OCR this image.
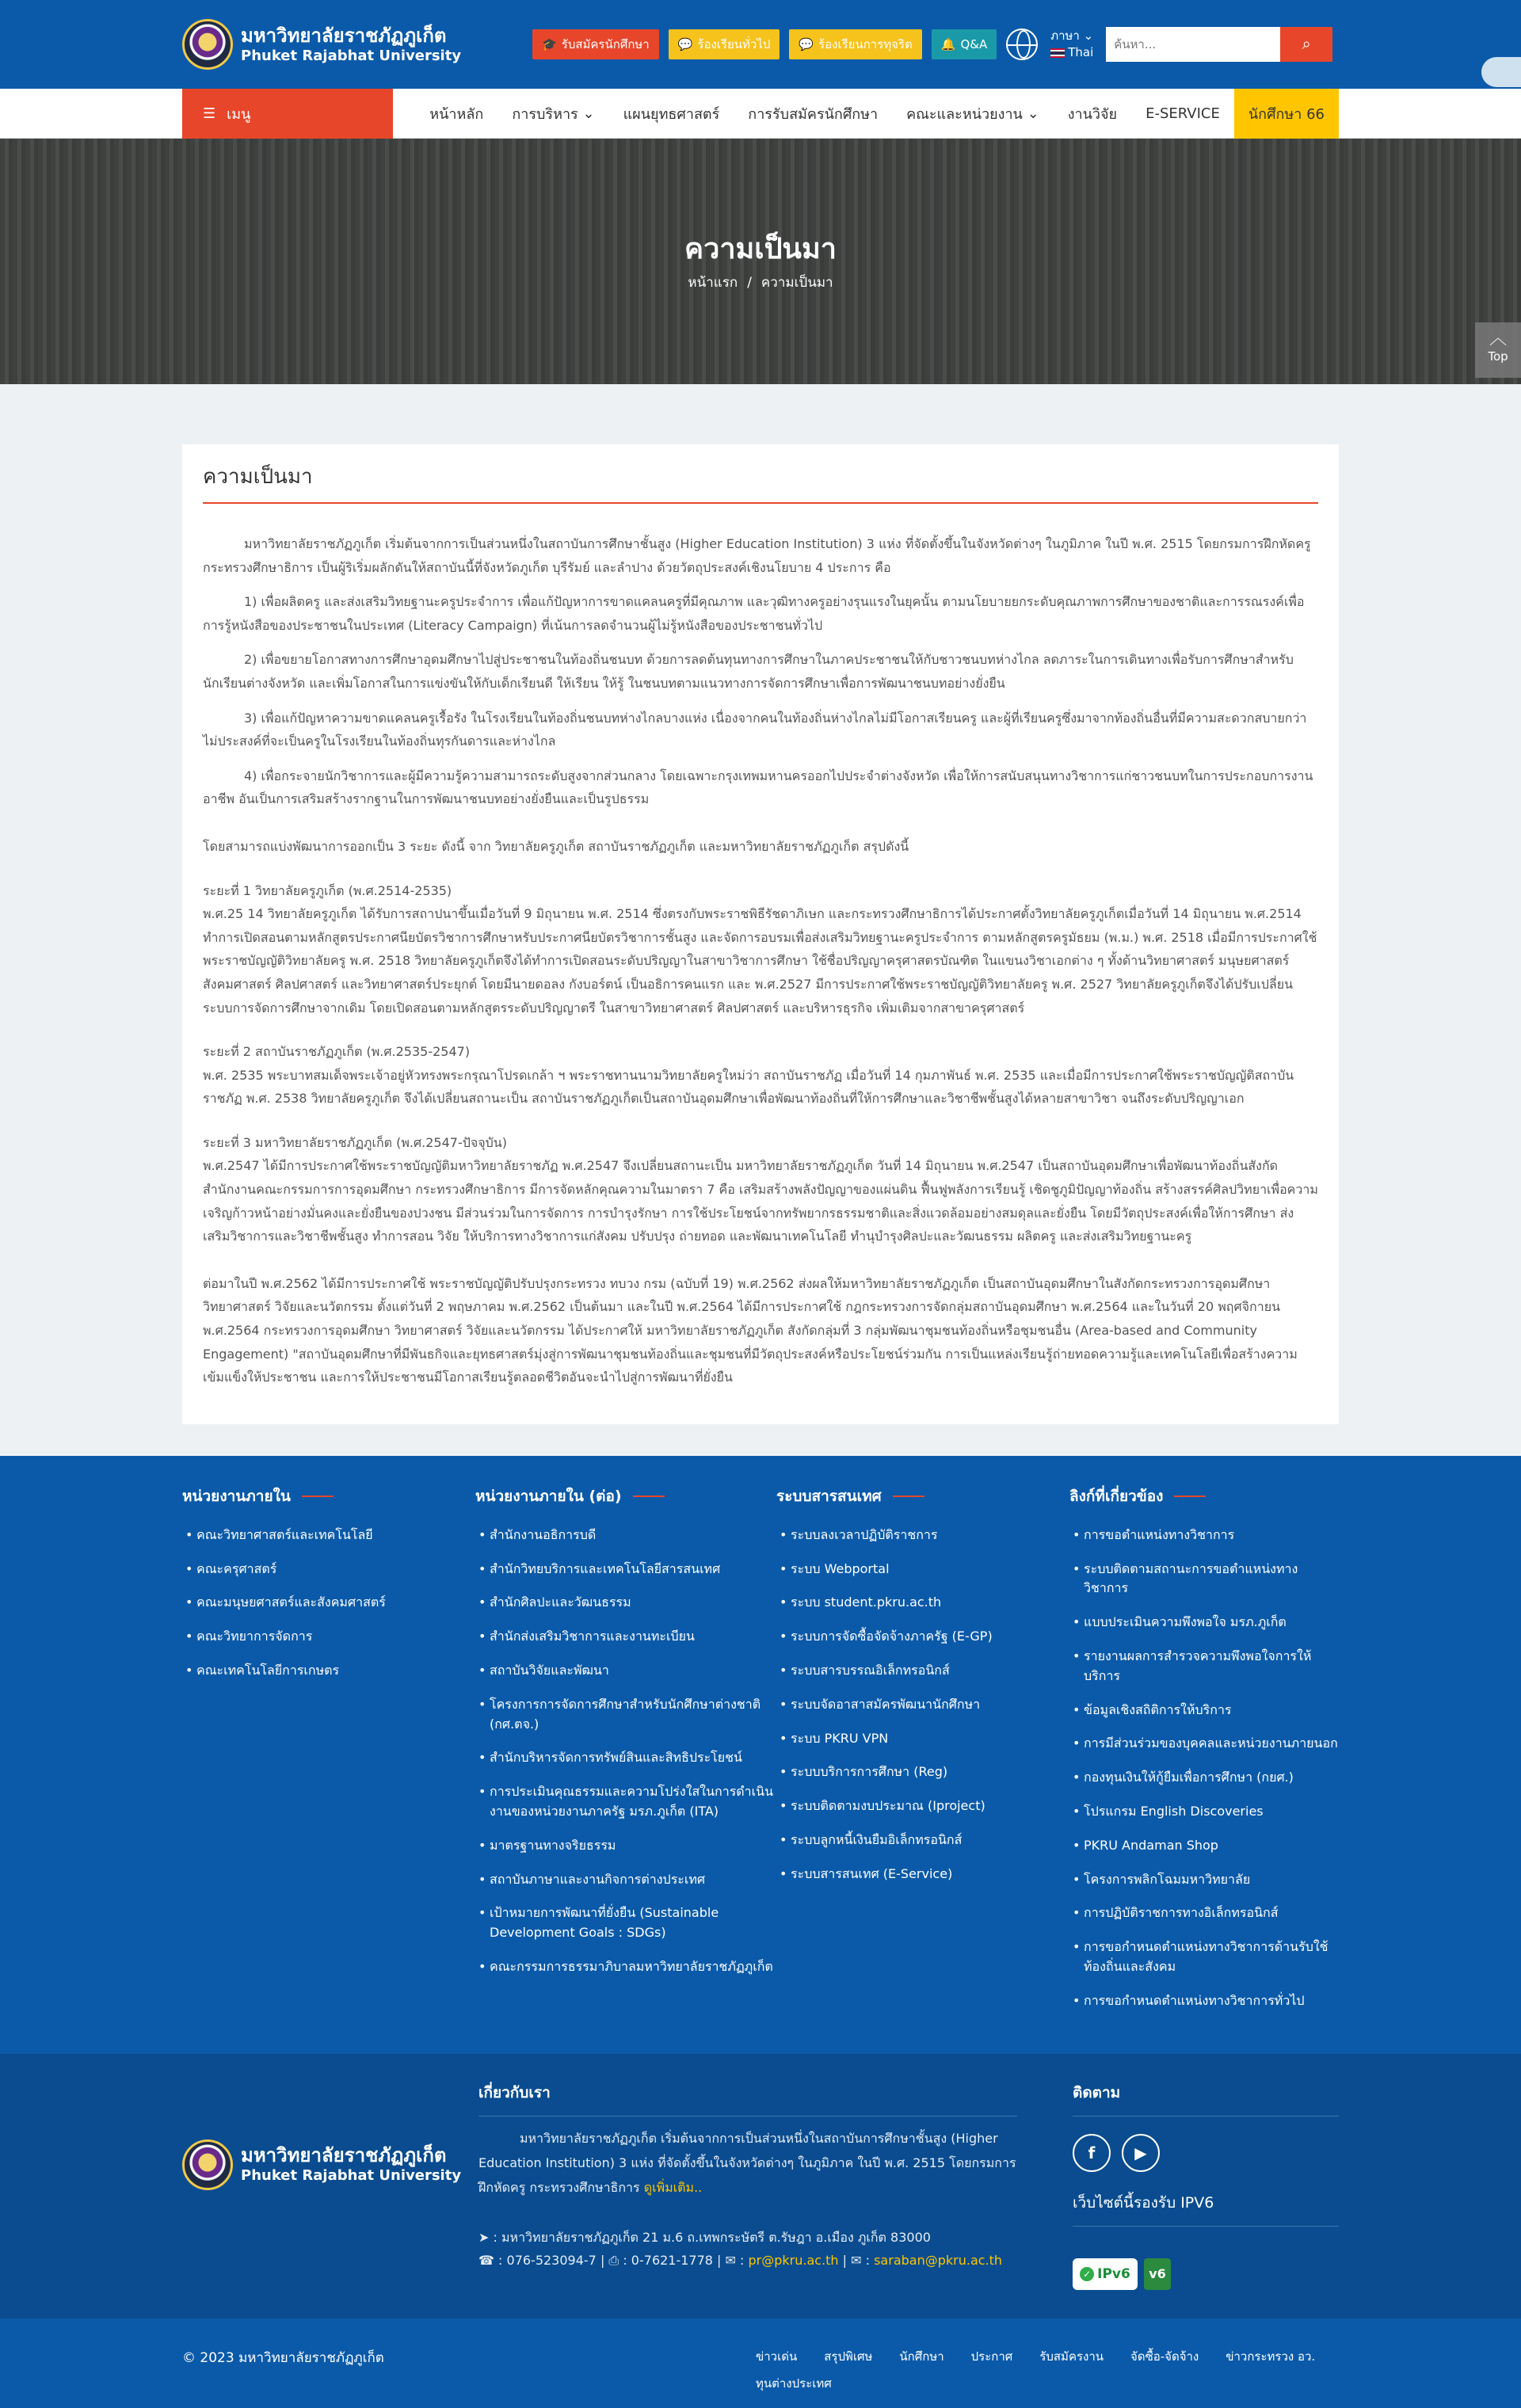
มหาวิทยาลัยราชภัฏภูเก็ต
Phuket Rajabhat University
🎓 รับสมัครนักศึกษา 💬 ร้องเรียนทั่วไป 💬 ร้องเรียนการทุจริต 🔔 Q&A
ภาษา ⌄
Thai
ค้นหา...	⌕
☰ เมนู	หน้าหลัก การบริหาร
⌄ แผนยุทธศาสตร์ การรับสมัครนักศึกษา คณะและหน่วยงาน
⌄ งานวิจัย E-SERVICE นักศึกษา 66
ความเป็นมา
หน้าแรก / ความเป็นมา
︿
Top
ความเป็นมา

มหาวิทยาลัยราชภัฏภูเก็ต เริ่มต้นจากการเป็นส่วนหนึ่งในสถาบันการศึกษาชั้นสูง (Higher Education Institution) 3 แห่ง ที่จัดตั้งขึ้นในจังหวัดต่างๆ ในภูมิภาค ในปี พ.ศ. 2515 โดยกรมการฝึกหัดครู กระทรวงศึกษาธิการ เป็นผู้ริเริ่มผลักดันให้สถาบันนี้ที่จังหวัดภูเก็ต บุรีรัมย์ และลำปาง ด้วยวัตถุประสงค์เชิงนโยบาย 4 ประการ คือ

1) เพื่อผลิตครู และส่งเสริมวิทยฐานะครูประจำการ เพื่อแก้ปัญหาการขาดแคลนครูที่มีคุณภาพ และวุฒิทางครูอย่างรุนแรงในยุคนั้น ตามนโยบายยกระดับคุณภาพการศึกษาของชาติและการรณรงค์เพื่อการรู้หนังสือของประชาชนในประเทศ (Literacy Campaign) ที่เน้นการลดจำนวนผู้ไม่รู้หนังสือของประชาชนทั่วไป

2) เพื่อขยายโอกาสทางการศึกษาอุดมศึกษาไปสู่ประชาชนในท้องถิ่นชนบท ด้วยการลดต้นทุนทางการศึกษาในภาคประชาชนให้กับชาวชนบทห่างไกล ลดภาระในการเดินทางเพื่อรับการศึกษาสำหรับนักเรียนต่างจังหวัด และเพิ่มโอกาสในการแข่งขันให้กับเด็กเรียนดี ให้เรียน ให้รู้ ในชนบทตามแนวทางการจัดการศึกษาเพื่อการพัฒนาชนบทอย่างยั่งยืน

3) เพื่อแก้ปัญหาความขาดแคลนครูเรื้อรัง ในโรงเรียนในท้องถิ่นชนบทห่างไกลบางแห่ง เนื่องจากคนในท้องถิ่นห่างไกลไม่มีโอกาสเรียนครู และผู้ที่เรียนครูซึ่งมาจากท้องถิ่นอื่นที่มีความสะดวกสบายกว่า ไม่ประสงค์ที่จะเป็นครูในโรงเรียนในท้องถิ่นทุรกันดารและห่างไกล

4) เพื่อกระจายนักวิชาการและผู้มีความรู้ความสามารถระดับสูงจากส่วนกลาง โดยเฉพาะกรุงเทพมหานครออกไปประจำต่างจังหวัด เพื่อให้การสนับสนุนทางวิชาการแก่ชาวชนบทในการประกอบการงานอาชีพ อันเป็นการเสริมสร้างรากฐานในการพัฒนาชนบทอย่างยั่งยืนและเป็นรูปธรรม

โดยสามารถแบ่งพัฒนาการออกเป็น 3 ระยะ ดังนี้ จาก วิทยาลัยครูภูเก็ต สถาบันราชภัฏภูเก็ต และมหาวิทยาลัยราชภัฏภูเก็ต สรุปดังนี้

ระยะที่ 1 วิทยาลัยครูภูเก็ต (พ.ศ.2514-2535)

พ.ศ.25 14 วิทยาลัยครูภูเก็ต ได้รับการสถาปนาขึ้นเมื่อวันที่ 9 มิถุนายน พ.ศ. 2514 ซึ่งตรงกับพระราชพิธีรัชดาภิเษก และกระทรวงศึกษาธิการได้ประกาศตั้งวิทยาลัยครูภูเก็ตเมื่อวันที่ 14 มิถุนายน พ.ศ.2514 ทำการเปิดสอนตามหลักสูตรประกาศนียบัตรวิชาการศึกษาหรับประกาศนียบัตรวิชาการชั้นสูง และจัดการอบรมเพื่อส่งเสริมวิทยฐานะครูประจำการ ตามหลักสูตรครูมัธยม (พ.ม.) พ.ศ. 2518 เมื่อมีการประกาศใช้พระราชบัญญัติวิทยาลัยครู พ.ศ. 2518 วิทยาลัยครูภูเก็ตจึงได้ทำการเปิดสอนระดับปริญญาในสาขาวิชาการศึกษา ใช้ชื่อปริญญาครุศาสตรบัณฑิต ในแขนงวิชาเอกต่าง ๆ ทั้งด้านวิทยาศาสตร์ มนุษยศาสตร์สังคมศาสตร์ ศิลปศาสตร์ และวิทยาศาสตร์ประยุกต์ โดยมีนายดอลง กังบอร์ตน์ เป็นอธิการคนแรก และ พ.ศ.2527 มีการประกาศใช้พระราชบัญญัติวิทยาลัยครู พ.ศ. 2527 วิทยาลัยครูภูเก็ตจึงได้ปรับเปลี่ยนระบบการจัดการศึกษาจากเดิม โดยเปิดสอนตามหลักสูตรระดับปริญญาตรี ในสาขาวิทยาศาสตร์ ศิลปศาสตร์ และบริหารธุรกิจ เพิ่มเติมจากสาขาครุศาสตร์

ระยะที่ 2 สถาบันราชภัฏภูเก็ต (พ.ศ.2535-2547)

พ.ศ. 2535 พระบาทสมเด็จพระเจ้าอยู่หัวทรงพระกรุณาโปรดเกล้า ฯ พระราชทานนามวิทยาลัยครูใหม่ว่า สถาบันราชภัฏ เมื่อวันที่ 14 กุมภาพันธ์ พ.ศ. 2535 และเมื่อมีการประกาศใช้พระราชบัญญัติสถาบันราชภัฏ พ.ศ. 2538 วิทยาลัยครูภูเก็ต จึงได้เปลี่ยนสถานะเป็น สถาบันราชภัฏภูเก็ตเป็นสถาบันอุดมศึกษาเพื่อพัฒนาท้องถิ่นที่ให้การศึกษาและวิชาชีพชั้นสูงได้หลายสาขาวิชา จนถึงระดับปริญญาเอก

ระยะที่ 3 มหาวิทยาลัยราชภัฏภูเก็ต (พ.ศ.2547-ปัจจุบัน)

พ.ศ.2547 ได้มีการประกาศใช้พระราชบัญญัติมหาวิทยาลัยราชภัฏ พ.ศ.2547 จึงเปลี่ยนสถานะเป็น มหาวิทยาลัยราชภัฏภูเก็ต วันที่ 14 มิถุนายน พ.ศ.2547 เป็นสถาบันอุดมศึกษาเพื่อพัฒนาท้องถิ่นสังกัดสำนักงานคณะกรรมการการอุดมศึกษา กระทรวงศึกษาธิการ มีการจัดหลักคุณความในมาตรา 7 คือ เสริมสร้างพลังปัญญาของแผ่นดิน ฟื้นฟูพลังการเรียนรู้ เชิดชูภูมิปัญญาท้องถิ่น สร้างสรรค์ศิลปวิทยาเพื่อความเจริญก้าวหน้าอย่างมั่นคงและยั่งยืนของปวงชน มีส่วนร่วมในการจัดการ การบำรุงรักษา การใช้ประโยชน์จากทรัพยากรธรรมชาติและสิ่งแวดล้อมอย่างสมดุลและยั่งยืน โดยมีวัตถุประสงค์เพื่อให้การศึกษา ส่งเสริมวิชาการและวิชาชีพชั้นสูง ทำการสอน วิจัย ให้บริการทางวิชาการแก่สังคม ปรับปรุง ถ่ายทอด และพัฒนาเทคโนโลยี ทำนุบำรุงศิลปะและวัฒนธรรม ผลิตครู และส่งเสริมวิทยฐานะครู

ต่อมาในปี พ.ศ.2562 ได้มีการประกาศใช้ พระราชบัญญัติปรับปรุงกระทรวง ทบวง กรม (ฉบับที่ 19) พ.ศ.2562 ส่งผลให้มหาวิทยาลัยราชภัฏภูเก็ต เป็นสถาบันอุดมศึกษาในสังกัดกระทรวงการอุดมศึกษา วิทยาศาสตร์ วิจัยและนวัตกรรม ตั้งแต่วันที่ 2 พฤษภาคม พ.ศ.2562 เป็นต้นมา และในปี พ.ศ.2564 ได้มีการประกาศใช้ กฎกระทรวงการจัดกลุ่มสถาบันอุดมศึกษา พ.ศ.2564 และในวันที่ 20 พฤศจิกายน พ.ศ.2564 กระทรวงการอุดมศึกษา วิทยาศาสตร์ วิจัยและนวัตกรรม ได้ประกาศให้ มหาวิทยาลัยราชภัฏภูเก็ต สังกัดกลุ่มที่ 3 กลุ่มพัฒนาชุมชนท้องถิ่นหรือชุมชนอื่น (Area-based and Community Engagement) "สถาบันอุดมศึกษาที่มีพันธกิจและยุทธศาสตร์มุ่งสู่การพัฒนาชุมชนท้องถิ่นและชุมชนที่มีวัตถุประสงค์หรือประโยชน์ร่วมกัน การเป็นแหล่งเรียนรู้ถ่ายทอดความรู้และเทคโนโลยีเพื่อสร้างความเข้มแข็งให้ประชาชน และการให้ประชาชนมีโอกาสเรียนรู้ตลอดชีวิตอันจะนำไปสู่การพัฒนาที่ยั่งยืน

หน่วยงานภายใน
• คณะวิทยาศาสตร์และเทคโนโลยี
• คณะครุศาสตร์
• คณะมนุษยศาสตร์และสังคมศาสตร์
• คณะวิทยาการจัดการ
• คณะเทคโนโลยีการเกษตร
หน่วยงานภายใน (ต่อ)
• สำนักงานอธิการบดี
• สำนักวิทยบริการและเทคโนโลยีสารสนเทศ
• สำนักศิลปะและวัฒนธรรม
• สำนักส่งเสริมวิชาการและงานทะเบียน
• สถาบันวิจัยและพัฒนา
• โครงการการจัดการศึกษาสำหรับนักศึกษาต่างชาติ (กศ.ตจ.)
• สำนักบริหารจัดการทรัพย์สินและสิทธิประโยชน์
• การประเมินคุณธรรมและความโปร่งใสในการดำเนินงานของหน่วยงานภาครัฐ มรภ.ภูเก็ต (ITA)
• มาตรฐานทางจริยธรรม
• สถาบันภาษาและงานกิจการต่างประเทศ
• เป้าหมายการพัฒนาที่ยั่งยืน (Sustainable Development Goals : SDGs)
• คณะกรรมการธรรมาภิบาลมหาวิทยาลัยราชภัฏภูเก็ต
ระบบสารสนเทศ
• ระบบลงเวลาปฏิบัติราชการ
• ระบบ Webportal
• ระบบ student.pkru.ac.th
• ระบบการจัดซื้อจัดจ้างภาครัฐ (E-GP)
• ระบบสารบรรณอิเล็กทรอนิกส์
• ระบบจัดอาสาสมัครพัฒนานักศึกษา
• ระบบ PKRU VPN
• ระบบบริการการศึกษา (Reg)
• ระบบติดตามงบประมาณ (Iproject)
• ระบบลูกหนี้เงินยืมอิเล็กทรอนิกส์
• ระบบสารสนเทศ (E-Service)
ลิงก์ที่เกี่ยวข้อง
• การขอตำแหน่งทางวิชาการ
• ระบบติดตามสถานะการขอตำแหน่งทางวิชาการ
• แบบประเมินความพึงพอใจ มรภ.ภูเก็ต
• รายงานผลการสำรวจความพึงพอใจการให้บริการ
• ข้อมูลเชิงสถิติการให้บริการ
• การมีส่วนร่วมของบุคคลและหน่วยงานภายนอก
• กองทุนเงินให้กู้ยืมเพื่อการศึกษา (กยศ.)
• โปรแกรม English Discoveries
• PKRU Andaman Shop
• โครงการพลิกโฉมมหาวิทยาลัย
• การปฏิบัติราชการทางอิเล็กทรอนิกส์
• การขอกำหนดตำแหน่งทางวิชาการด้านรับใช้ท้องถิ่นและสังคม
• การขอกำหนดตำแหน่งทางวิชาการทั่วไป
มหาวิทยาลัยราชภัฏภูเก็ต
Phuket Rajabhat University
เกี่ยวกับเรา

มหาวิทยาลัยราชภัฏภูเก็ต เริ่มต้นจากการเป็นส่วนหนึ่งในสถาบันการศึกษาชั้นสูง (Higher Education Institution) 3 แห่ง ที่จัดตั้งขึ้นในจังหวัดต่างๆ ในภูมิภาค ในปี พ.ศ. 2515 โดยกรมการฝึกหัดครู กระทรวงศึกษาธิการ ดูเพิ่มเติม..

➤ : มหาวิทยาลัยราชภัฏภูเก็ต 21 ม.6 ถ.เทพกระษัตรี ต.รัษฎา อ.เมือง ภูเก็ต 83000
☎ : 076-523094-7 | ⎙ : 0-7621-1778 | ✉ : pr@pkru.ac.th | ✉ : saraban@pkru.ac.th
ติดตาม
f	▶
เว็บไซต์นี้รองรับ IPV6
✓ IPv6	v6
© 2023 มหาวิทยาลัยราชภัฏภูเก็ต	ข่าวเด่น สรุปพิเศษ นักศึกษา ประกาศ รับสมัครงาน จัดซื้อ-จัดจ้าง ข่าวกระทรวง อว.
ทุนต่างประเทศ
